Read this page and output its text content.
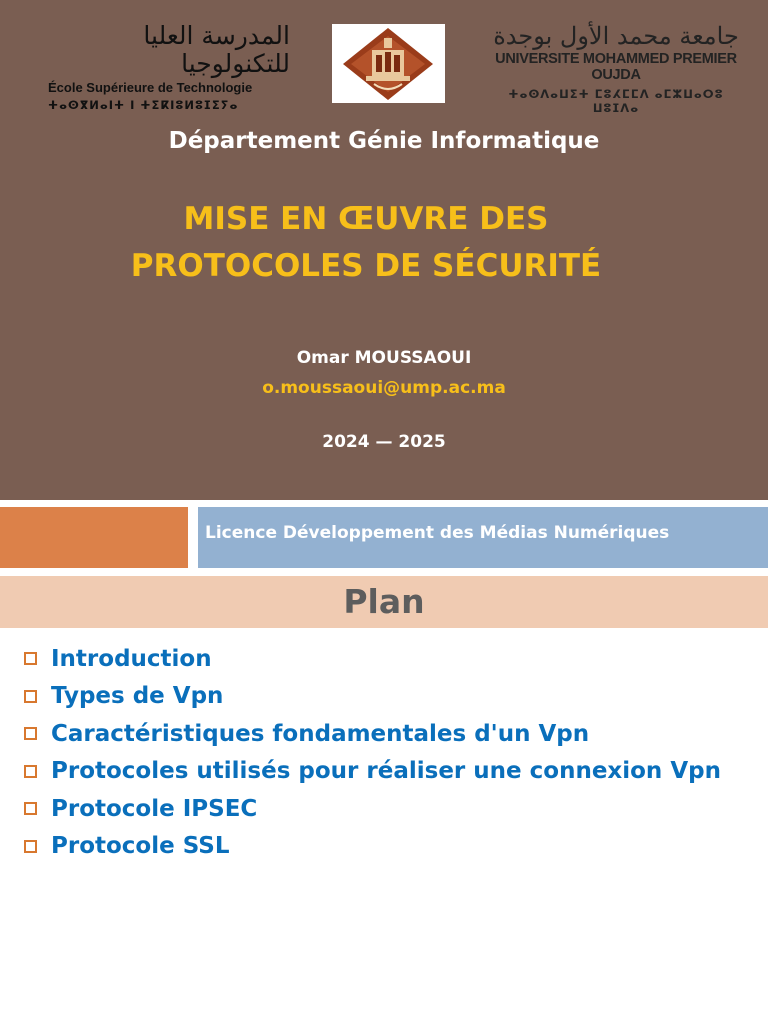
المدرسة العليا للتكنولوجيا
École Supérieure de Technologie
ⵜⴰⵙⴳⵍⴰⵏⵜ ⵏ ⵜⵉⴽⵏⵓⵍⵓⵊⵉⵢⴰ
جامعة محمد الأول بوجدة
UNIVERSITE MOHAMMED PREMIER OUJDA
ⵜⴰⵙⴷⴰⵡⵉⵜ ⵎⵓⵃⵎⵎⴷ ⴰⵎⵣⵡⴰⵔⵓ ⵡⵓⵊⴷⴰ
Département Génie Informatique
MISE EN ŒUVRE DES
PROTOCOLES DE SÉCURITÉ
Omar MOUSSAOUI
o.moussaoui@ump.ac.ma
2024 — 2025
Licence Développement des Médias Numériques
Plan
Introduction
Types de Vpn
Caractéristiques fondamentales d'un Vpn
Protocoles utilisés pour réaliser une connexion Vpn
Protocole IPSEC
Protocole SSL
